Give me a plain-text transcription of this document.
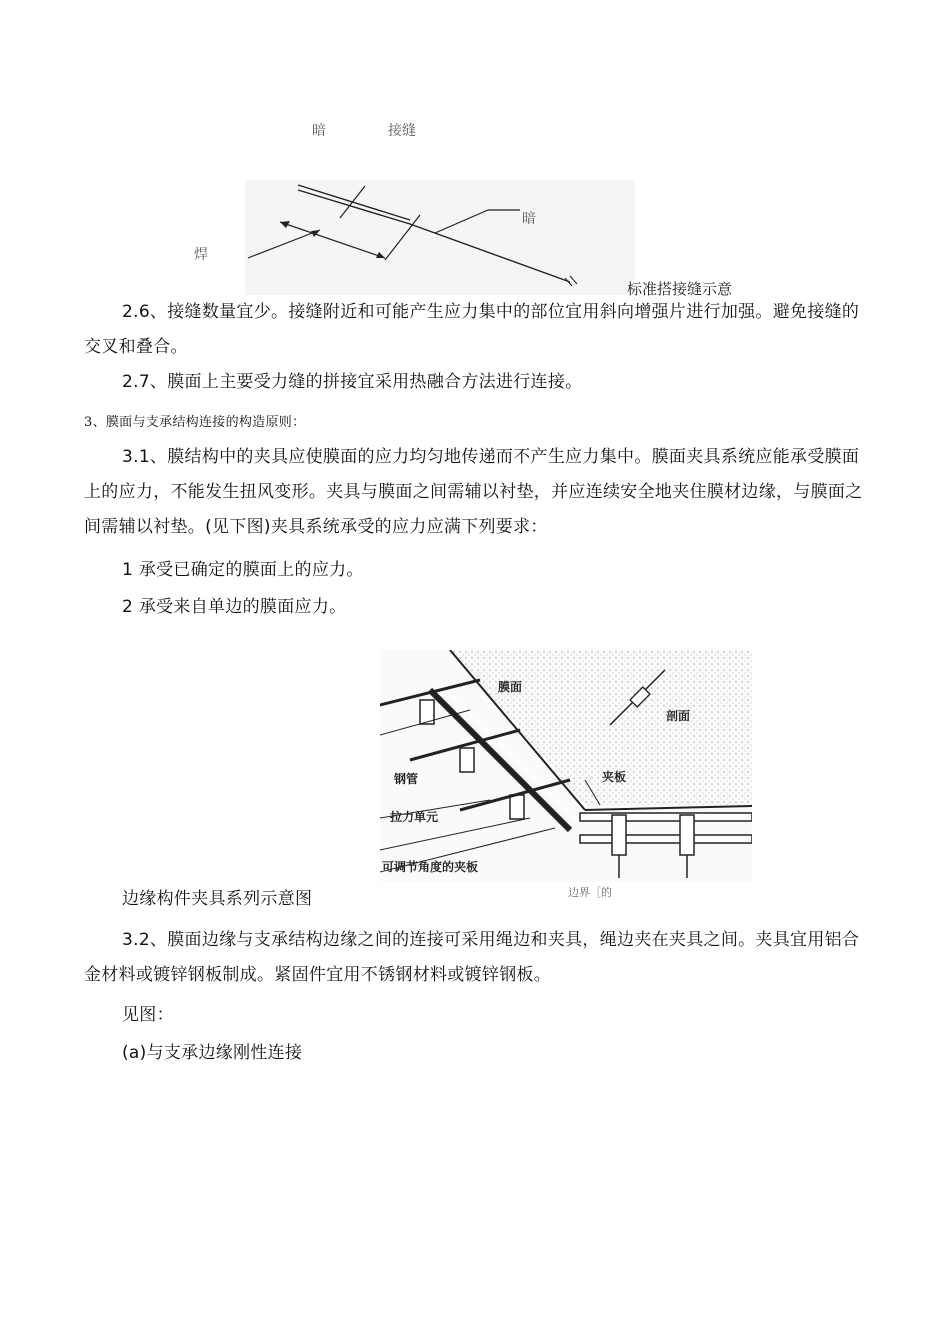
暗	接缝
暗
焊
标准搭接缝示意
2.6、接缝数量宜少。接缝附近和可能产生应力集中的部位宜用斜向增强片进行加强。避免接缝的交叉和叠合。
2.7、膜面上主要受力缝的拼接宜采用热融合方法进行连接。
3、膜面与支承结构连接的构造原则：
3.1、膜结构中的夹具应使膜面的应力均匀地传递而不产生应力集中。膜面夹具系统应能承受膜面上的应力，不能发生扭风变形。夹具与膜面之间需辅以衬垫，并应连续安全地夹住膜材边缘，与膜面之间需辅以衬垫。(见下图)夹具系统承受的应力应满下列要求：
1 承受已确定的膜面上的应力。
2 承受来自单边的膜面应力。
膜面
剖面
钢管	夹板
拉力单元
可调节角度的夹板
边界［的
边缘构件夹具系列示意图
3.2、膜面边缘与支承结构边缘之间的连接可采用绳边和夹具，绳边夹在夹具之间。夹具宜用铝合金材料或镀锌钢板制成。紧固件宜用不锈钢材料或镀锌钢板。
见图：
(a)与支承边缘刚性连接
